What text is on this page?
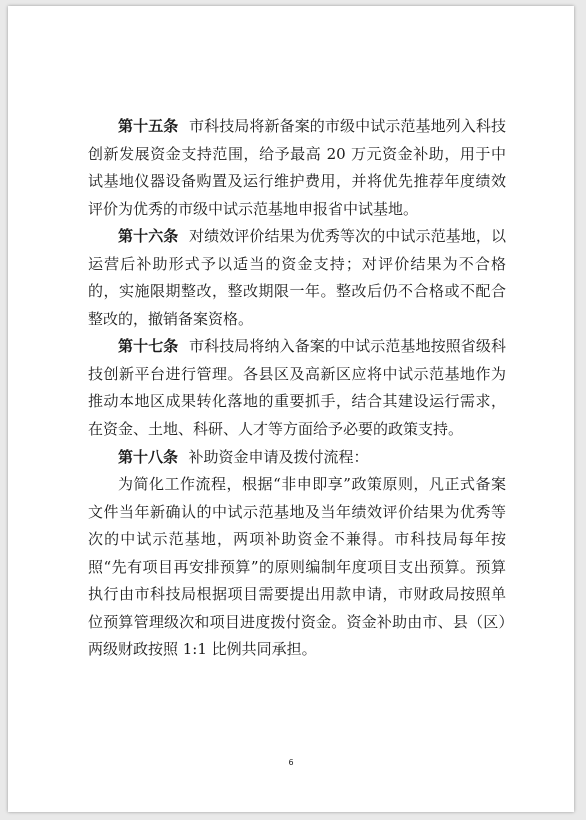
第十五条 市科技局将新备案的市级中试示范基地列入科技创新发展资金支持范围，给予最高 20 万元资金补助，用于中试基地仪器设备购置及运行维护费用，并将优先推荐年度绩效评价为优秀的市级中试示范基地申报省中试基地。

第十六条 对绩效评价结果为优秀等次的中试示范基地，以运营后补助形式予以适当的资金支持；对评价结果为不合格的，实施限期整改，整改期限一年。整改后仍不合格或不配合整改的，撤销备案资格。

第十七条 市科技局将纳入备案的中试示范基地按照省级科技创新平台进行管理。各县区及高新区应将中试示范基地作为推动本地区成果转化落地的重要抓手，结合其建设运行需求，在资金、土地、科研、人才等方面给予必要的政策支持。

第十八条 补助资金申请及拨付流程：

为简化工作流程，根据“非申即享”政策原则，凡正式备案文件当年新确认的中试示范基地及当年绩效评价结果为优秀等次的中试示范基地，两项补助资金不兼得。市科技局每年按照“先有项目再安排预算”的原则编制年度项目支出预算。预算执行由市科技局根据项目需要提出用款申请，市财政局按照单位预算管理级次和项目进度拨付资金。资金补助由市、县（区）两级财政按照 1:1 比例共同承担。

6
